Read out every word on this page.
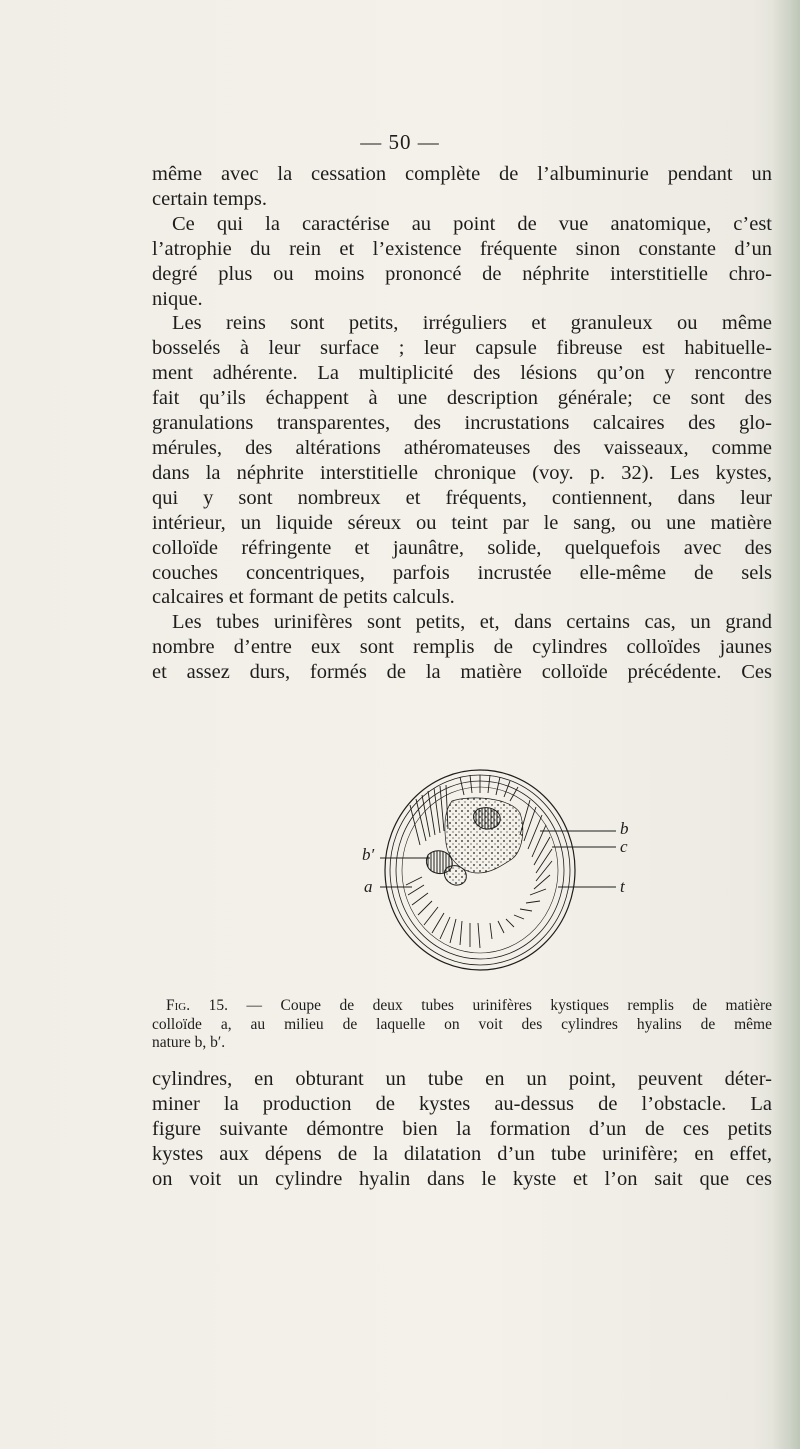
— 50 —
même avec la cessation complète de l’albuminurie pendant un
certain temps.
Ce qui la caractérise au point de vue anatomique, c’est
l’atrophie du rein et l’existence fréquente sinon constante d’un
degré plus ou moins prononcé de néphrite interstitielle chro-
nique.
Les reins sont petits, irréguliers et granuleux ou même
bosselés à leur surface ; leur capsule fibreuse est habituelle-
ment adhérente. La multiplicité des lésions qu’on y rencontre
fait qu’ils échappent à une description générale; ce sont des
granulations transparentes, des incrustations calcaires des glo-
mérules, des altérations athéromateuses des vaisseaux, comme
dans la néphrite interstitielle chronique (voy. p. 32). Les kystes,
qui y sont nombreux et fréquents, contiennent, dans leur
intérieur, un liquide séreux ou teint par le sang, ou une matière
colloïde réfringente et jaunâtre, solide, quelquefois avec des
couches concentriques, parfois incrustée elle-même de sels
calcaires et formant de petits calculs.
Les tubes urinifères sont petits, et, dans certains cas, un grand
nombre d’entre eux sont remplis de cylindres colloïdes jaunes
et assez durs, formés de la matière colloïde précédente. Ces
b
c
t
b′
a
Fig. 15. — Coupe de deux tubes urinifères kystiques remplis de matière
colloïde a, au milieu de laquelle on voit des cylindres hyalins de même
nature b, b′.
cylindres, en obturant un tube en un point, peuvent déter-
miner la production de kystes au-dessus de l’obstacle. La
figure suivante démontre bien la formation d’un de ces petits
kystes aux dépens de la dilatation d’un tube urinifère; en effet,
on voit un cylindre hyalin dans le kyste et l’on sait que ces
